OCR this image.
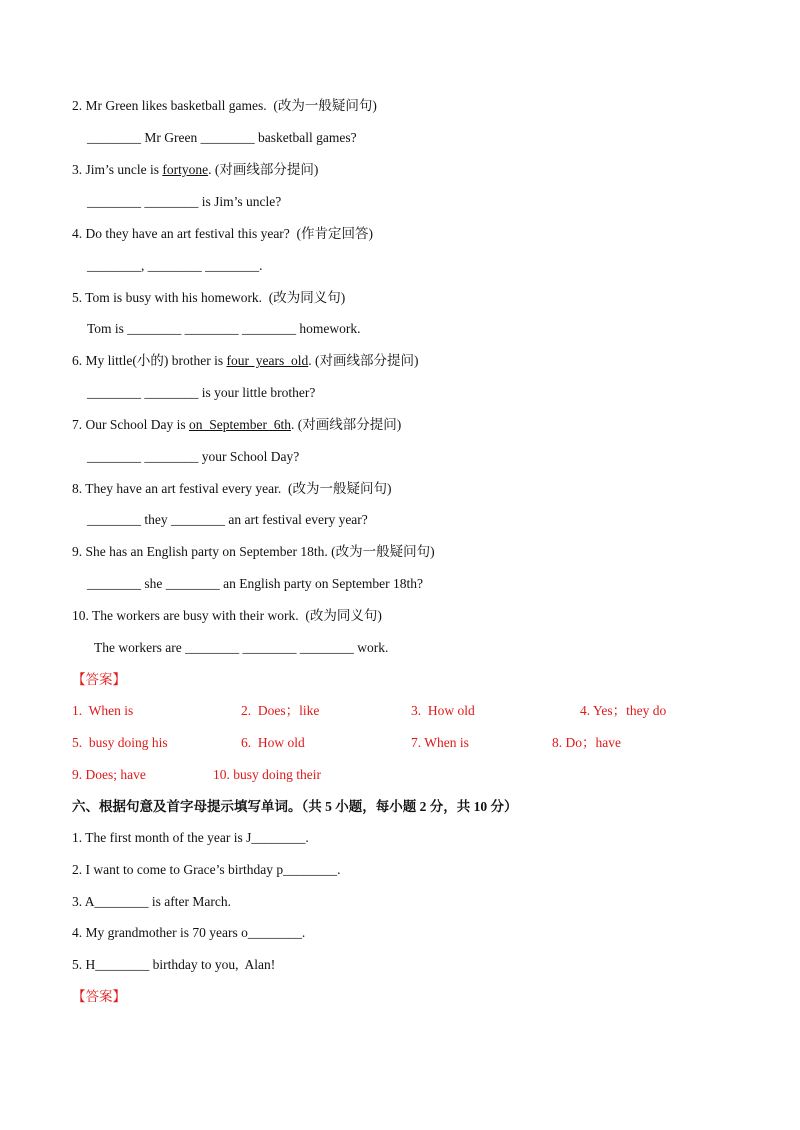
2. Mr Green likes basketball games.  (改为一般疑问句)
________ Mr Green ________ basketball games?
3. Jim’s uncle is fortyone. (对画线部分提问)
________ ________ is Jim’s uncle?
4. Do they have an art festival this year?  (作肯定回答)
________, ________ ________.
5. Tom is busy with his homework.  (改为同义句)
Tom is ________ ________ ________ homework.
6. My little(小的) brother is four  years  old. (对画线部分提问)
________ ________ is your little brother?
7. Our School Day is on  September  6th. (对画线部分提问)
________ ________ your School Day?
8. They have an art festival every year.  (改为一般疑问句)
________ they ________ an art festival every year?
9. She has an English party on September 18th. (改为一般疑问句)
________ she ________ an English party on September 18th?
10. The workers are busy with their work.  (改为同义句)
The workers are ________ ________ ________ work.
【答案】
1.  When is	2.  Does；like	3.  How old	4. Yes；they do
5.  busy doing his	6.  How old	7. When is	8. Do；have
9. Does; have	10. busy doing their
六、根据句意及首字母提示填写单词。（共 5 小题，每小题 2 分，共 10 分）
1. The first month of the year is J________.
2. I want to come to Grace’s birthday p________.
3. A________ is after March.
4. My grandmother is 70 years o________.
5. H________ birthday to you,  Alan!
【答案】
